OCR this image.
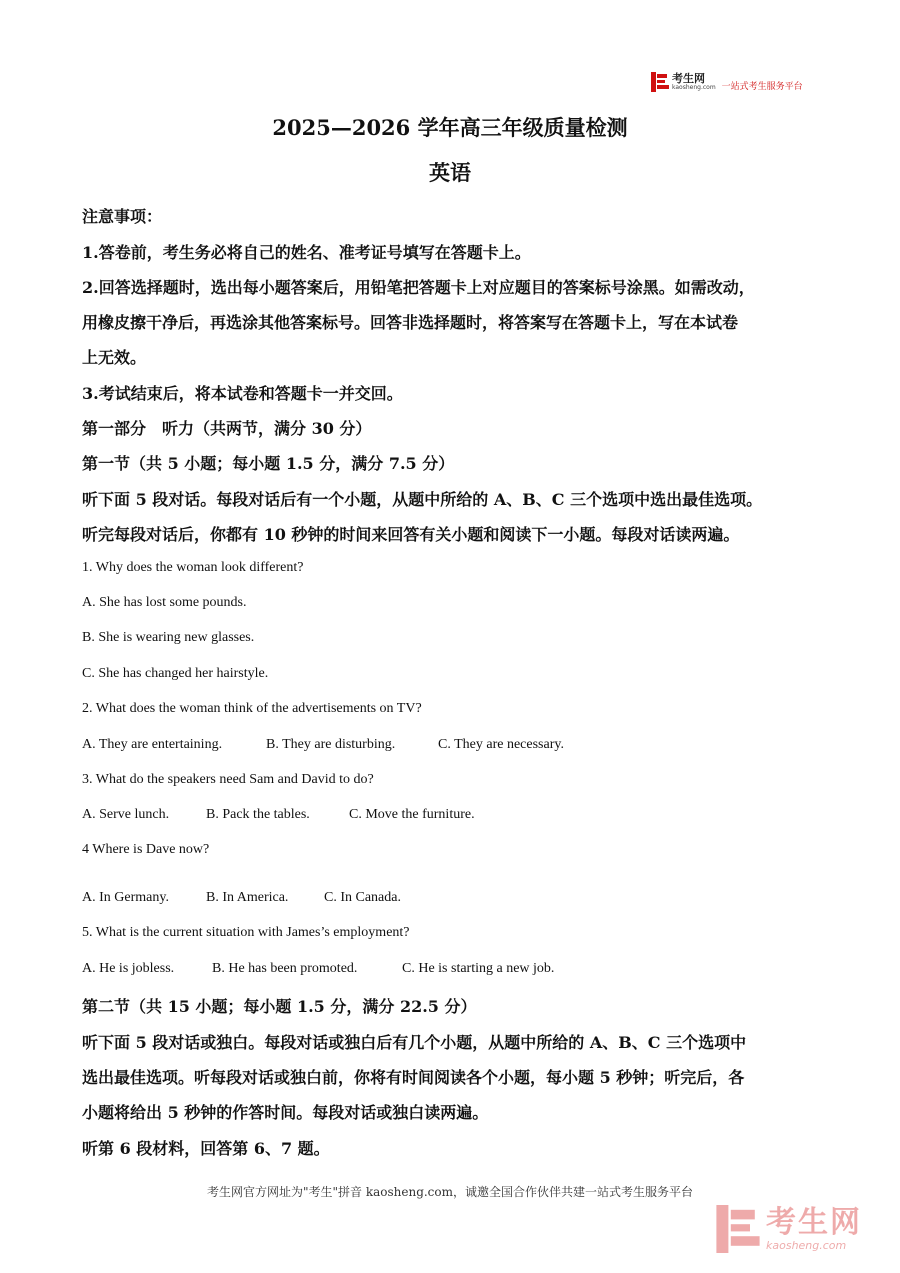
考生网
kaosheng.com 一站式考生服务平台
2025—2026 学年高三年级质量检测
英语
注意事项：
1.答卷前，考生务必将自己的姓名、准考证号填写在答题卡上。
2.回答选择题时，选出每小题答案后，用铅笔把答题卡上对应题目的答案标号涂黑。如需改动，
用橡皮擦干净后，再选涂其他答案标号。回答非选择题时，将答案写在答题卡上，写在本试卷
上无效。
3.考试结束后，将本试卷和答题卡一并交回。
第一部分　听力（共两节，满分 30 分）
第一节（共 5 小题；每小题 1.5 分，满分 7.5 分）
听下面 5 段对话。每段对话后有一个小题，从题中所给的 A、B、C 三个选项中选出最佳选项。
听完每段对话后，你都有 10 秒钟的时间来回答有关小题和阅读下一小题。每段对话读两遍。
1. Why does the woman look different?
A. She has lost some pounds.
B. She is wearing new glasses.
C. She has changed her hairstyle.
2. What does the woman think of the advertisements on TV?
A. They are entertaining.	B. They are disturbing.	C. They are necessary.
3. What do the speakers need Sam and David to do?
A. Serve lunch.	B. Pack the tables.	C. Move the furniture.
4 Where is Dave now?
A. In Germany.	B. In America.	C. In Canada.
5. What is the current situation with James’s employment?
A. He is jobless.	B. He has been promoted.	C. He is starting a new job.
第二节（共 15 小题；每小题 1.5 分，满分 22.5 分）
听下面 5 段对话或独白。每段对话或独白后有几个小题，从题中所给的 A、B、C 三个选项中
选出最佳选项。听每段对话或独白前，你将有时间阅读各个小题，每小题 5 秒钟；听完后，各
小题将给出 5 秒钟的作答时间。每段对话或独白读两遍。
听第 6 段材料，回答第 6、7 题。
考生网官方网址为"考生"拼音 kaosheng.com，诚邀全国合作伙伴共建一站式考生服务平台
考生网
kaosheng.com
